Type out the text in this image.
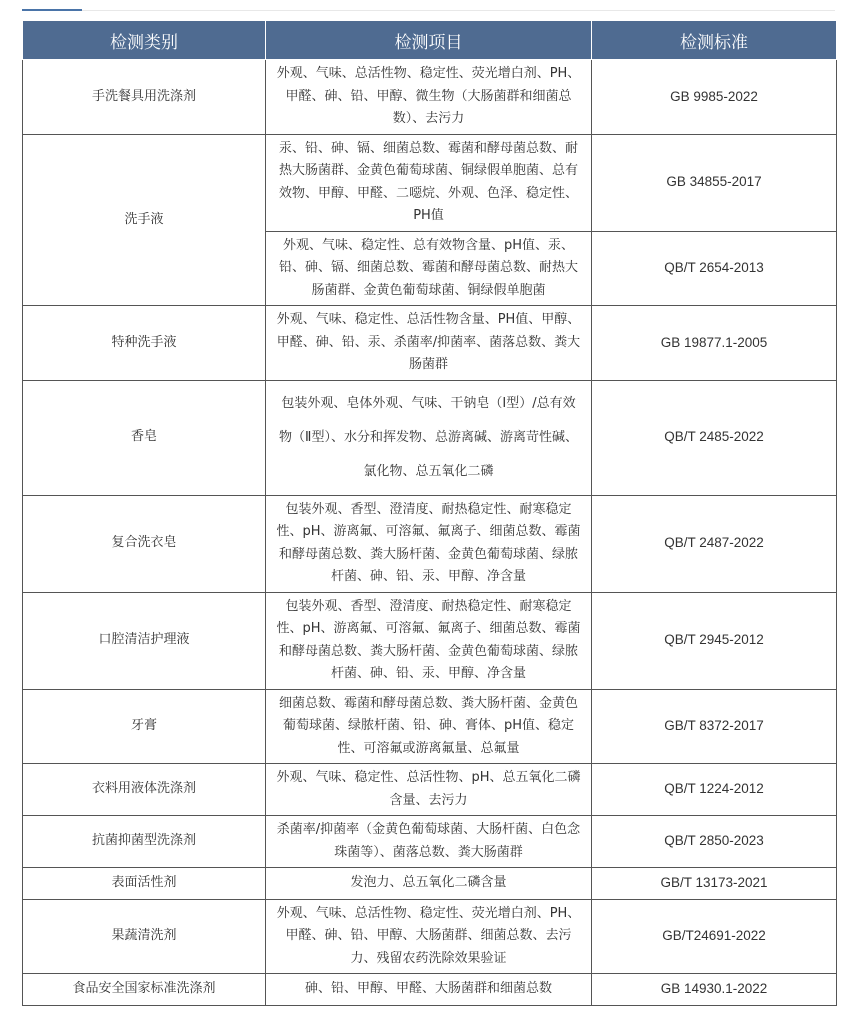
检测类别	检测项目	检测标准
手洗餐具用洗涤剂	外观、气味、总活性物、稳定性、荧光增白剂、PH、甲醛、砷、铅、甲醇、微生物（大肠菌群和细菌总数）、去污力	GB 9985-2022
洗手液	汞、铅、砷、镉、细菌总数、霉菌和酵母菌总数、耐热大肠菌群、金黄色葡萄球菌、铜绿假单胞菌、总有效物、甲醇、甲醛、二噁烷、外观、色泽、稳定性、PH值	GB 34855-2017
	外观、气味、稳定性、总有效物含量、pH值、汞、铅、砷、镉、细菌总数、霉菌和酵母菌总数、耐热大肠菌群、金黄色葡萄球菌、铜绿假单胞菌	QB/T 2654-2013
特种洗手液	外观、气味、稳定性、总活性物含量、PH值、甲醇、甲醛、砷、铅、汞、杀菌率/抑菌率、菌落总数、粪大肠菌群	GB 19877.1-2005
香皂	包装外观、皂体外观、气味、干钠皂（Ⅰ型）/总有效物（Ⅱ型）、水分和挥发物、总游离碱、游离苛性碱、氯化物、总五氧化二磷	QB/T 2485-2022
复合洗衣皂	包装外观、香型、澄清度、耐热稳定性、耐寒稳定性、pH、游离氟、可溶氟、氟离子、细菌总数、霉菌和酵母菌总数、粪大肠杆菌、金黄色葡萄球菌、绿脓杆菌、砷、铅、汞、甲醇、净含量	QB/T 2487-2022
口腔清洁护理液	包装外观、香型、澄清度、耐热稳定性、耐寒稳定性、pH、游离氟、可溶氟、氟离子、细菌总数、霉菌和酵母菌总数、粪大肠杆菌、金黄色葡萄球菌、绿脓杆菌、砷、铅、汞、甲醇、净含量	QB/T 2945-2012
牙膏	细菌总数、霉菌和酵母菌总数、粪大肠杆菌、金黄色葡萄球菌、绿脓杆菌、铅、砷、膏体、pH值、稳定性、可溶氟或游离氟量、总氟量	GB/T 8372-2017
衣料用液体洗涤剂	外观、气味、稳定性、总活性物、pH、总五氧化二磷含量、去污力	QB/T 1224-2012
抗菌抑菌型洗涤剂	杀菌率/抑菌率（金黄色葡萄球菌、大肠杆菌、白色念珠菌等）、菌落总数、粪大肠菌群	QB/T 2850-2023
表面活性剂	发泡力、总五氧化二磷含量	GB/T 13173-2021
果蔬清洗剂	外观、气味、总活性物、稳定性、荧光增白剂、PH、甲醛、砷、铅、甲醇、大肠菌群、细菌总数、去污力、残留农药洗除效果验证	GB/T24691-2022
食品安全国家标准洗涤剂	砷、铅、甲醇、甲醛、大肠菌群和细菌总数	GB 14930.1-2022
